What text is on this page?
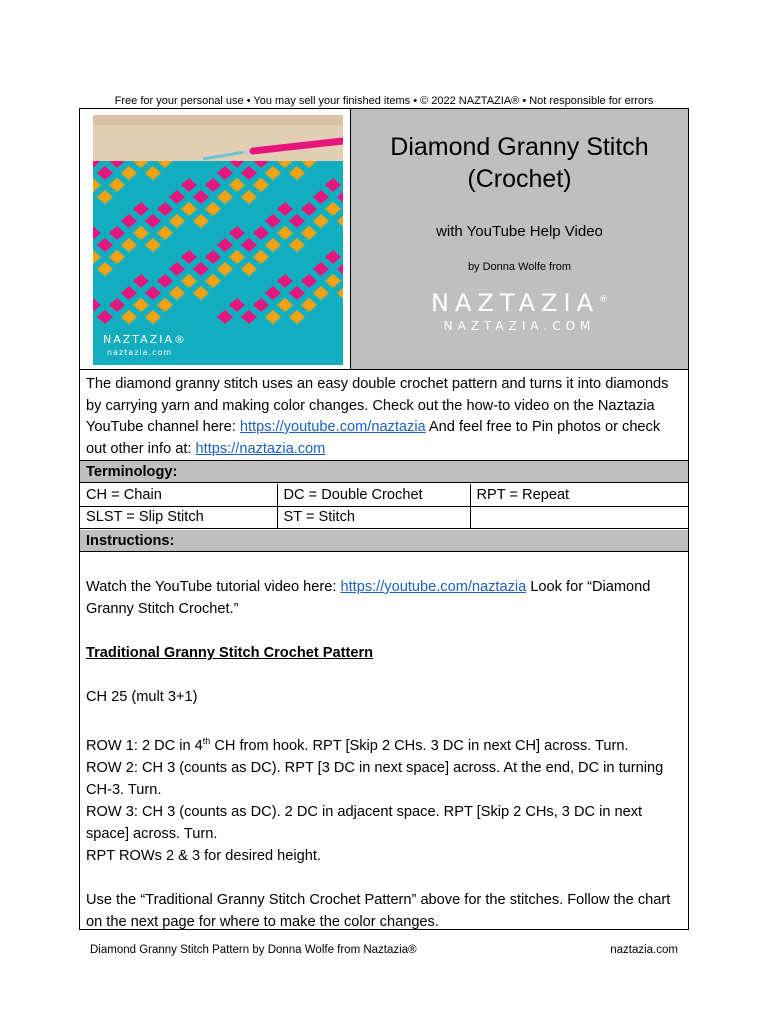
Free for your personal use • You may sell your finished items • © 2022 NAZTAZIA® • Not responsible for errors
NAZTAZIA®
naztazia.com
Diamond Granny Stitch
(Crochet)
with YouTube Help Video
by Donna Wolfe from
NAZTAZIA®
NAZTAZIA.COM
The diamond granny stitch uses an easy double crochet pattern and turns it into diamonds by carrying yarn and making color changes. Check out the how-to video on the Naztazia YouTube channel here: https://youtube.com/naztazia And feel free to Pin photos or check out other info at: https://naztazia.com
Terminology:
CH = Chain	DC = Double Crochet	RPT = Repeat
SLST = Slip Stitch	ST = Stitch	
Instructions:

Watch the YouTube tutorial video here: https://youtube.com/naztazia Look for “Diamond Granny Stitch Crochet.”

Traditional Granny Stitch Crochet Pattern

CH 25 (mult 3+1)

ROW 1: 2 DC in 4th CH from hook. RPT [Skip 2 CHs. 3 DC in next CH] across. Turn.

ROW 2: CH 3 (counts as DC). RPT [3 DC in next space] across. At the end, DC in turning CH-3. Turn.

ROW 3: CH 3 (counts as DC). 2 DC in adjacent space. RPT [Skip 2 CHs, 3 DC in next space] across. Turn.

RPT ROWs 2 & 3 for desired height.

Use the “Traditional Granny Stitch Crochet Pattern” above for the stitches. Follow the chart on the next page for where to make the color changes.

Diamond Granny Stitch Pattern by Donna Wolfe from Naztazia®	naztazia.com
